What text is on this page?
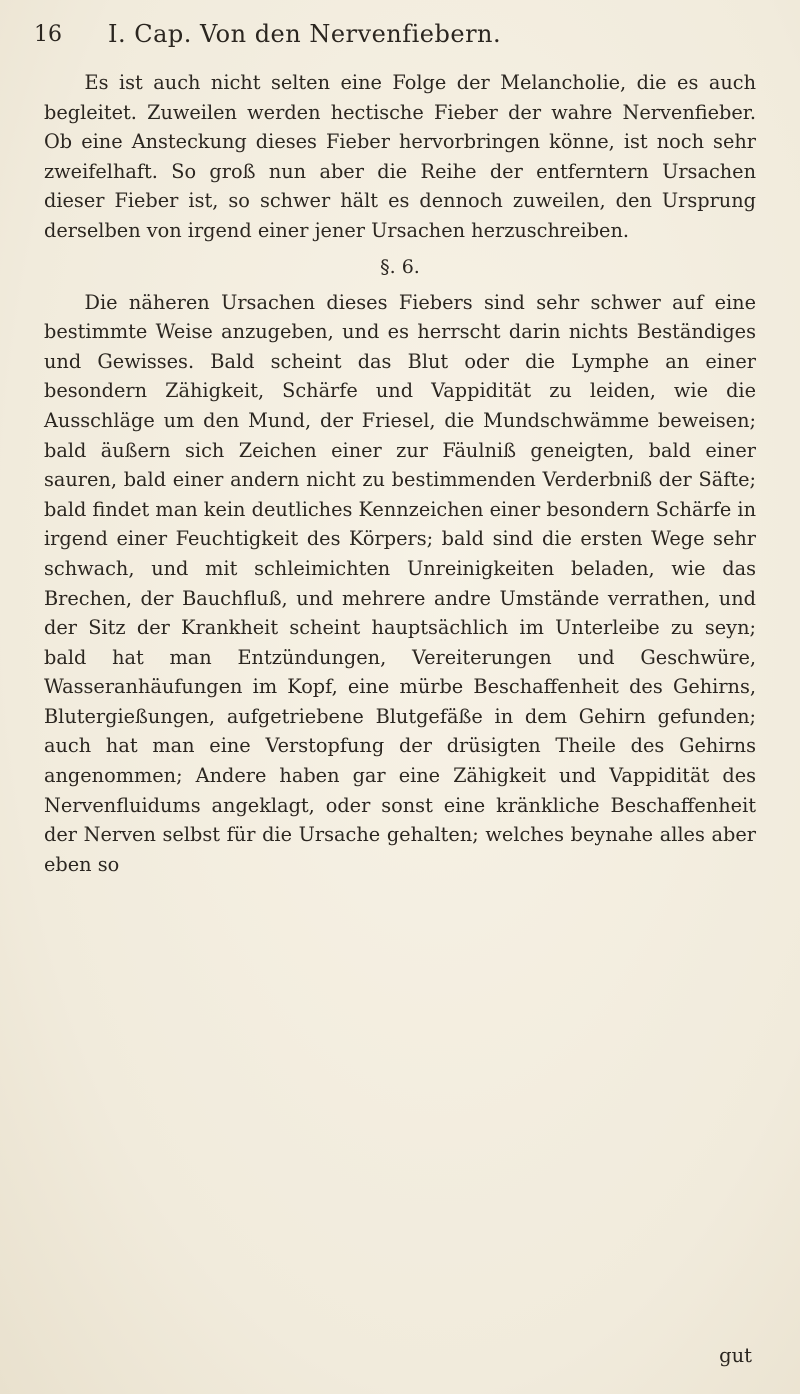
16 I. Cap. Von den Nervenfiebern.

Es ist auch nicht selten eine Folge der Melancholie, die es auch begleitet. Zuweilen werden hectische Fieber der wahre Nervenfieber. Ob eine Ansteckung dieses Fieber hervorbringen könne, ist noch sehr zweifelhaft. So groß nun aber die Reihe der entferntern Ursachen dieser Fieber ist, so schwer hält es dennoch zuweilen, den Ursprung derselben von irgend einer jener Ursachen herzuschreiben.

§. 6.

Die näheren Ursachen dieses Fiebers sind sehr schwer auf eine bestimmte Weise anzugeben, und es herrscht darin nichts Beständiges und Gewisses. Bald scheint das Blut oder die Lymphe an einer besondern Zähigkeit, Schärfe und Vappidität zu leiden, wie die Ausschläge um den Mund, der Friesel, die Mundschwämme beweisen; bald äußern sich Zeichen einer zur Fäulniß geneigten, bald einer sauren, bald einer andern nicht zu bestimmenden Verderbniß der Säfte; bald findet man kein deutliches Kennzeichen einer besondern Schärfe in irgend einer Feuchtigkeit des Körpers; bald sind die ersten Wege sehr schwach, und mit schleimichten Unreinigkeiten beladen, wie das Brechen, der Bauchfluß, und mehrere andre Umstände verrathen, und der Sitz der Krankheit scheint hauptsächlich im Unterleibe zu seyn; bald hat man Entzündungen, Vereiterungen und Geschwüre, Wasseranhäufungen im Kopf, eine mürbe Beschaffenheit des Gehirns, Blutergießungen, aufgetriebene Blutgefäße in dem Gehirn gefunden; auch hat man eine Verstopfung der drüsigten Theile des Gehirns angenommen; Andere haben gar eine Zähigkeit und Vappidität des Nervenfluidums angeklagt, oder sonst eine kränkliche Beschaffenheit der Nerven selbst für die Ursache gehalten; welches beynahe alles aber eben so

gut
